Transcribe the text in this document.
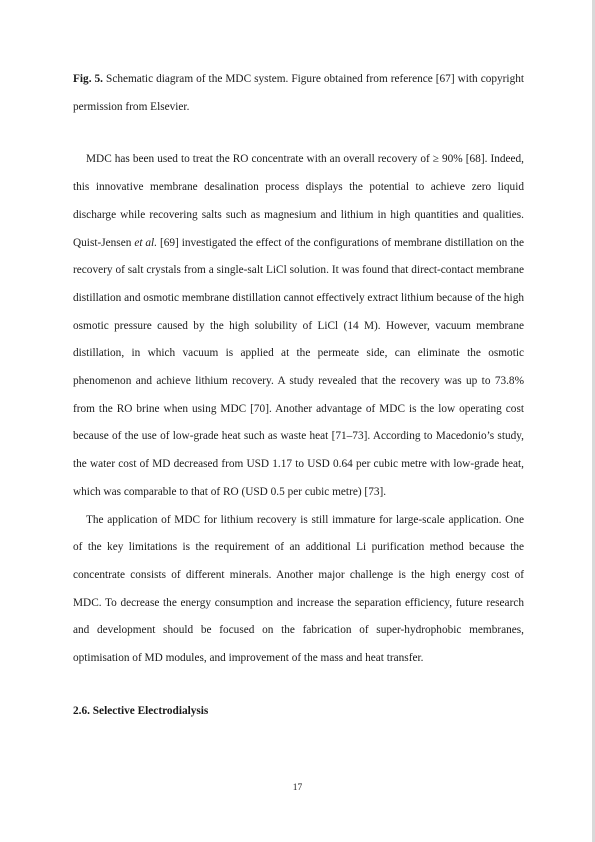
Fig. 5. Schematic diagram of the MDC system. Figure obtained from reference [67] with copyright permission from Elsevier.

MDC has been used to treat the RO concentrate with an overall recovery of ≥ 90% [68]. Indeed, this innovative membrane desalination process displays the potential to achieve zero liquid discharge while recovering salts such as magnesium and lithium in high quantities and qualities. Quist-Jensen et al. [69] investigated the effect of the configurations of membrane distillation on the recovery of salt crystals from a single-salt LiCl solution. It was found that direct-contact membrane distillation and osmotic membrane distillation cannot effectively extract lithium because of the high osmotic pressure caused by the high solubility of LiCl (14 M). However, vacuum membrane distillation, in which vacuum is applied at the permeate side, can eliminate the osmotic phenomenon and achieve lithium recovery. A study revealed that the recovery was up to 73.8% from the RO brine when using MDC [70]. Another advantage of MDC is the low operating cost because of the use of low-grade heat such as waste heat [71–73]. According to Macedonio’s study, the water cost of MD decreased from USD 1.17 to USD 0.64 per cubic metre with low-grade heat, which was comparable to that of RO (USD 0.5 per cubic metre) [73].

The application of MDC for lithium recovery is still immature for large-scale application. One of the key limitations is the requirement of an additional Li purification method because the concentrate consists of different minerals. Another major challenge is the high energy cost of MDC. To decrease the energy consumption and increase the separation efficiency, future research and development should be focused on the fabrication of super-hydrophobic membranes, optimisation of MD modules, and improvement of the mass and heat transfer.

2.6. Selective Electrodialysis
17
